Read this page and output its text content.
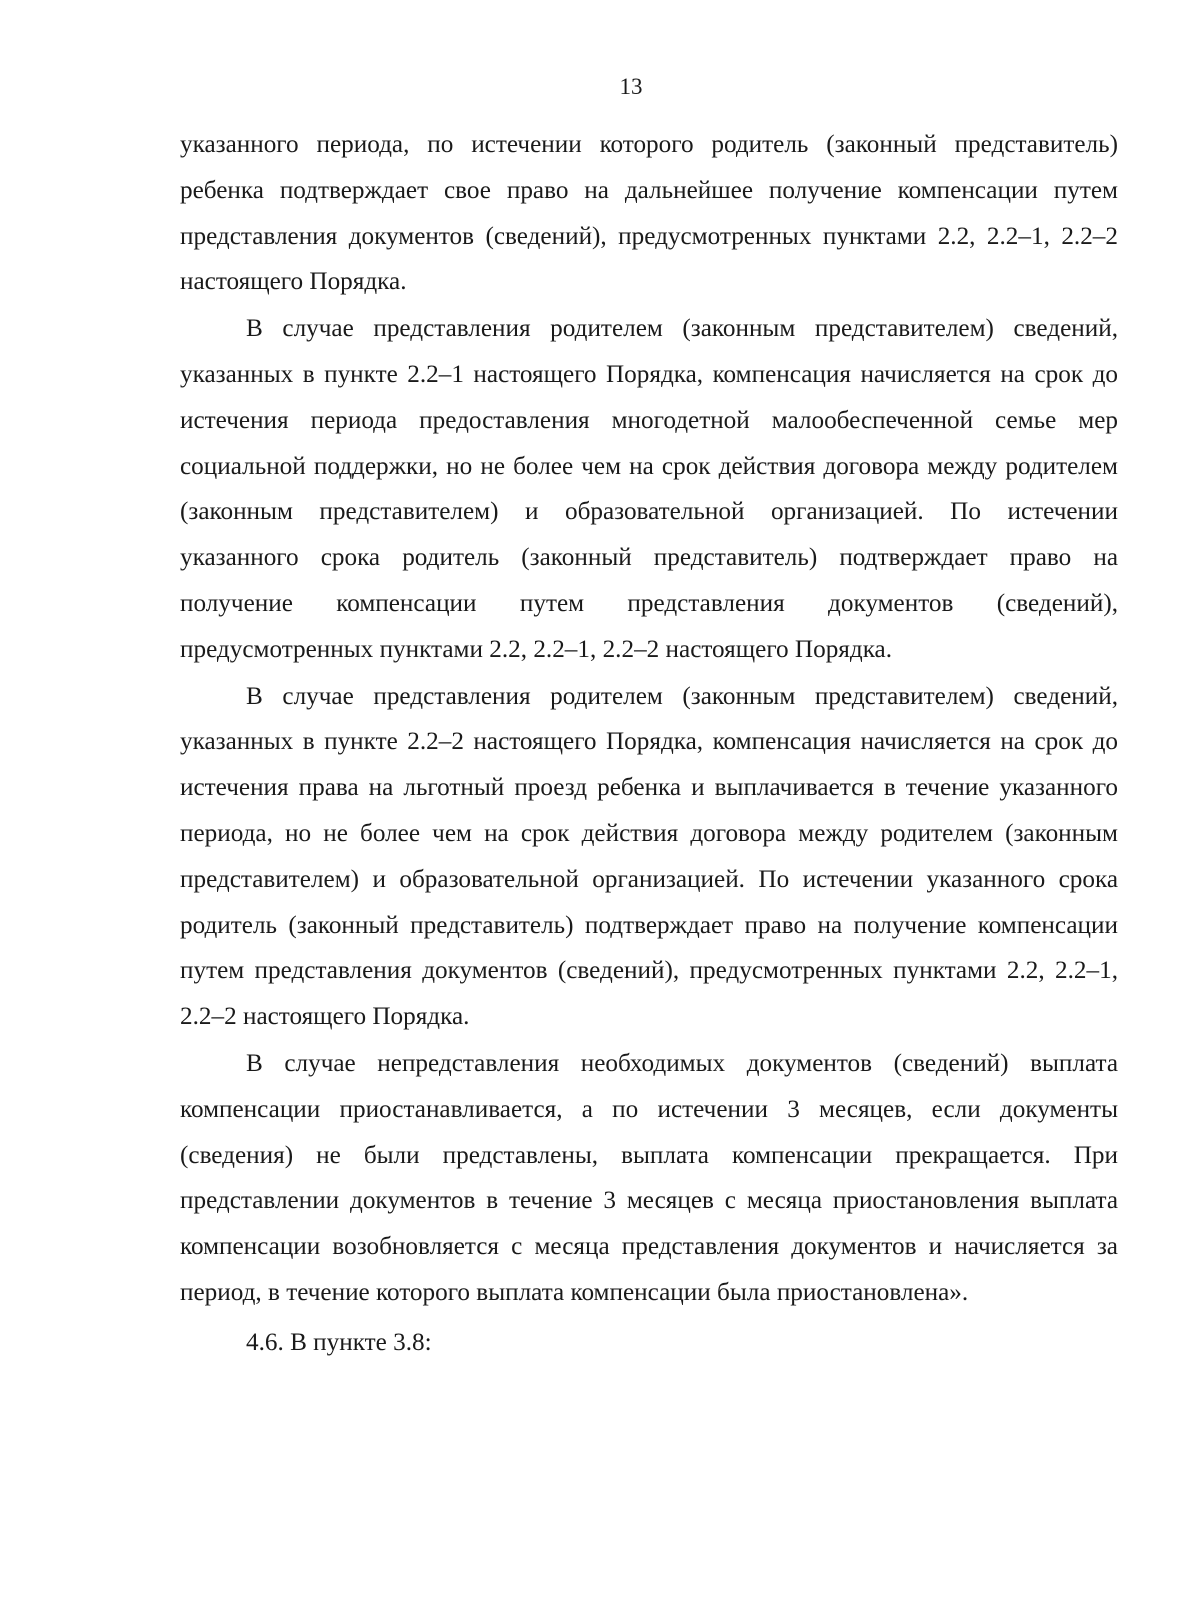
13

указанного периода, по истечении которого родитель (законный представитель) ребенка подтверждает свое право на дальнейшее получение компенсации путем представления документов (сведений), предусмотренных пунктами 2.2, 2.2–1, 2.2–2 настоящего Порядка.

В случае представления родителем (законным представителем) сведений, указанных в пункте 2.2–1 настоящего Порядка, компенсация начисляется на срок до истечения периода предоставления многодетной малообеспеченной семье мер социальной поддержки, но не более чем на срок действия договора между родителем (законным представителем) и образовательной организацией. По истечении указанного срока родитель (законный представитель) подтверждает право на получение компенсации путем представления документов (сведений), предусмотренных пунктами 2.2, 2.2–1, 2.2–2 настоящего Порядка.

В случае представления родителем (законным представителем) сведений, указанных в пункте 2.2–2 настоящего Порядка, компенсация начисляется на срок до истечения права на льготный проезд ребенка и выплачивается в течение указанного периода, но не более чем на срок действия договора между родителем (законным представителем) и образовательной организацией. По истечении указанного срока родитель (законный представитель) подтверждает право на получение компенсации путем представления документов (сведений), предусмотренных пунктами 2.2, 2.2–1, 2.2–2 настоящего Порядка.

В случае непредставления необходимых документов (сведений) выплата компенсации приостанавливается, а по истечении 3 месяцев, если документы (сведения) не были представлены, выплата компенсации прекращается. При представлении документов в течение 3 месяцев с месяца приостановления выплата компенсации возобновляется с месяца представления документов и начисляется за период, в течение которого выплата компенсации была приостановлена».

4.6. В пункте 3.8:
